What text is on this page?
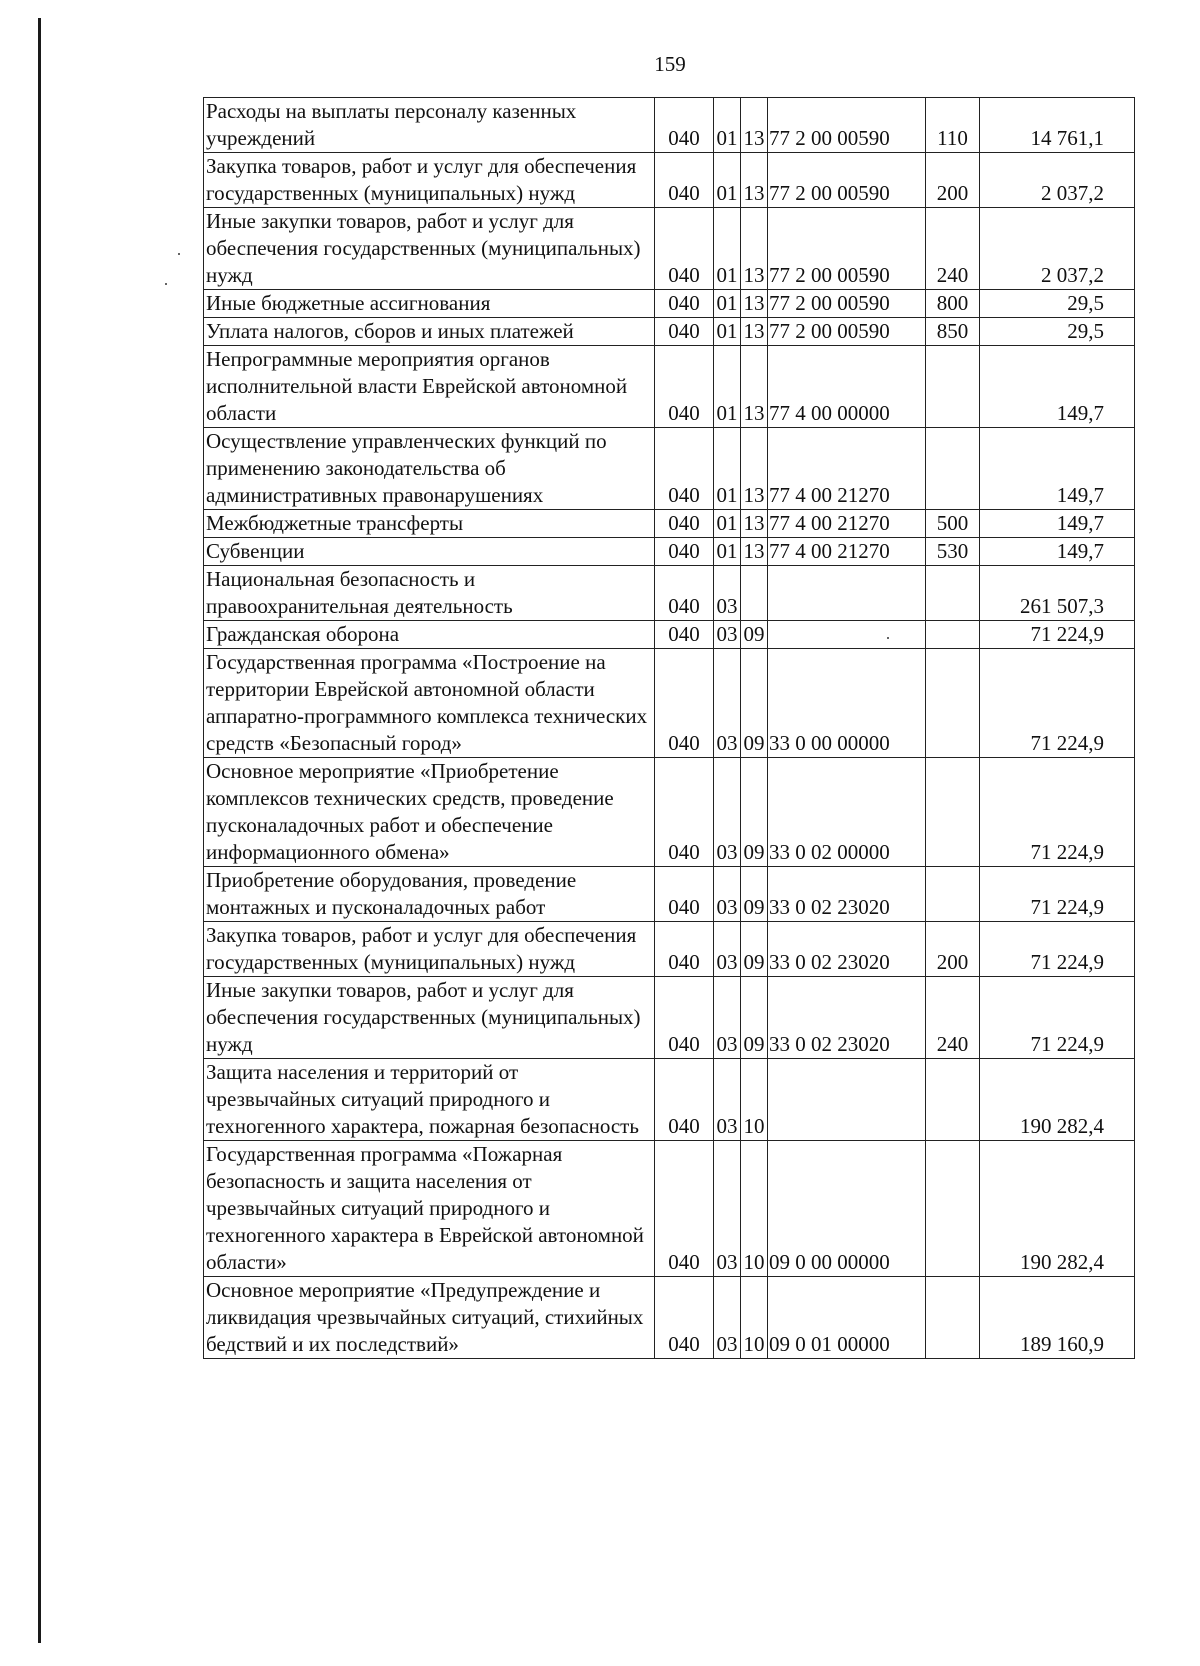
159
Расходы на выплаты персоналу казенных учреждений	040	01	13	77 2 00 00590	110	14 761,1
Закупка товаров, работ и услуг для обеспечения государственных (муниципальных) нужд	040	01	13	77 2 00 00590	200	2 037,2
Иные закупки товаров, работ и услуг для обеспечения государственных (муниципальных) нужд	040	01	13	77 2 00 00590	240	2 037,2
Иные бюджетные ассигнования	040	01	13	77 2 00 00590	800	29,5
Уплата налогов, сборов и иных платежей	040	01	13	77 2 00 00590	850	29,5
Непрограммные мероприятия органов исполнительной власти Еврейской автономной области	040	01	13	77 4 00 00000		149,7
Осуществление управленческих функций по применению законодательства об административных правонарушениях	040	01	13	77 4 00 21270		149,7
Межбюджетные трансферты	040	01	13	77 4 00 21270	500	149,7
Субвенции	040	01	13	77 4 00 21270	530	149,7
Национальная безопасность и правоохранительная деятельность	040	03				261 507,3
Гражданская оборона	040	03	09			71 224,9
Государственная программа «Построение на территории Еврейской автономной области аппаратно-программного комплекса технических средств «Безопасный город»	040	03	09	33 0 00 00000		71 224,9
Основное мероприятие «Приобретение комплексов технических средств, проведение пусконаладочных работ и обеспечение информационного обмена»	040	03	09	33 0 02 00000		71 224,9
Приобретение оборудования, проведение монтажных и пусконаладочных работ	040	03	09	33 0 02 23020		71 224,9
Закупка товаров, работ и услуг для обеспечения государственных (муниципальных) нужд	040	03	09	33 0 02 23020	200	71 224,9
Иные закупки товаров, работ и услуг для обеспечения государственных (муниципальных) нужд	040	03	09	33 0 02 23020	240	71 224,9
Защита населения и территорий от чрезвычайных ситуаций природного и техногенного характера, пожарная безопасность	040	03	10			190 282,4
Государственная программа «Пожарная безопасность и защита населения от чрезвычайных ситуаций природного и техногенного характера в Еврейской автономной области»	040	03	10	09 0 00 00000		190 282,4
Основное мероприятие «Предупреждение и ликвидация чрезвычайных ситуаций, стихийных бедствий и их последствий»	040	03	10	09 0 01 00000		189 160,9
